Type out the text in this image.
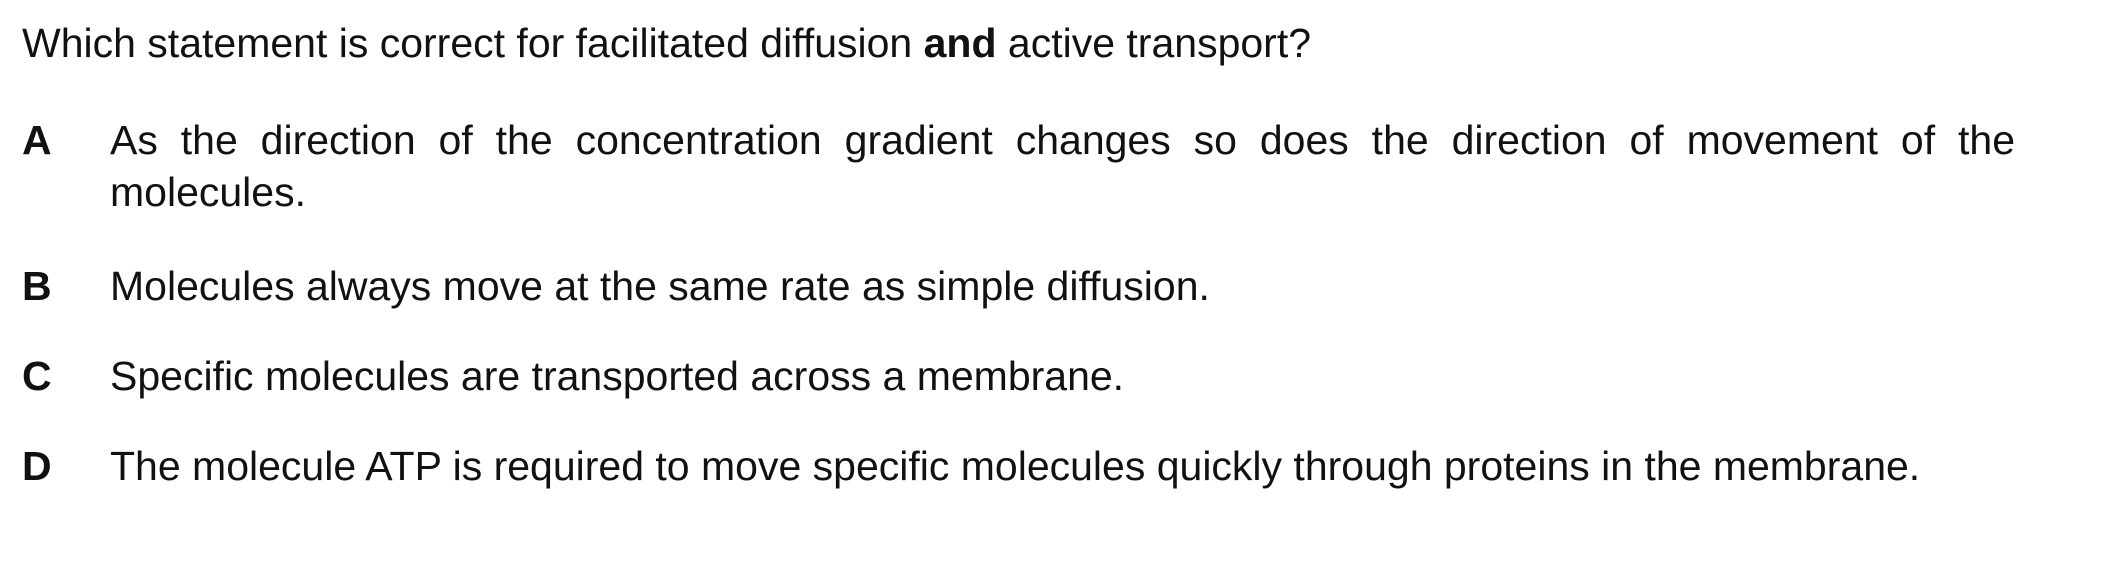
Which statement is correct for facilitated diffusion and active transport?
A As the direction of the concentration gradient changes so does the direction of movement of the molecules.
B Molecules always move at the same rate as simple diffusion.
C Specific molecules are transported across a membrane.
D The molecule ATP is required to move specific molecules quickly through proteins in the membrane.
